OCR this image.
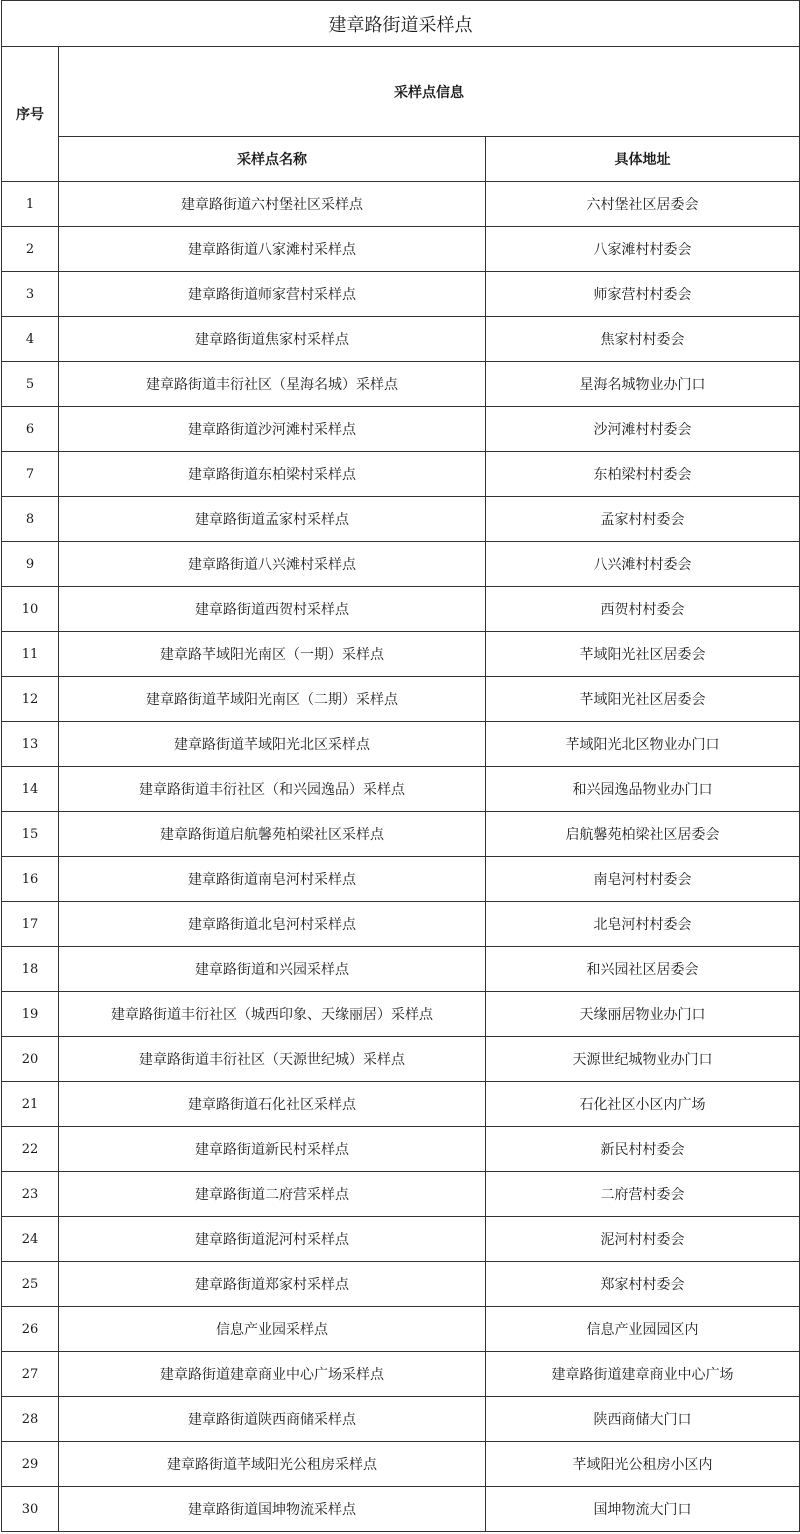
建章路街道采样点		
序号	采样点信息	
	采样点名称	具体地址
1	建章路街道六村堡社区采样点	六村堡社区居委会
2	建章路街道八家滩村采样点	八家滩村村委会
3	建章路街道师家营村采样点	师家营村村委会
4	建章路街道焦家村采样点	焦家村村委会
5	建章路街道丰衍社区（星海名城）采样点	星海名城物业办门口
6	建章路街道沙河滩村采样点	沙河滩村村委会
7	建章路街道东柏梁村采样点	东柏梁村村委会
8	建章路街道孟家村采样点	孟家村村委会
9	建章路街道八兴滩村采样点	八兴滩村村委会
10	建章路街道西贺村采样点	西贺村村委会
11	建章路芊域阳光南区（一期）采样点	芊域阳光社区居委会
12	建章路街道芊域阳光南区（二期）采样点	芊域阳光社区居委会
13	建章路街道芊域阳光北区采样点	芊域阳光北区物业办门口
14	建章路街道丰衍社区（和兴园逸品）采样点	和兴园逸品物业办门口
15	建章路街道启航馨苑柏梁社区采样点	启航馨苑柏梁社区居委会
16	建章路街道南皂河村采样点	南皂河村村委会
17	建章路街道北皂河村采样点	北皂河村村委会
18	建章路街道和兴园采样点	和兴园社区居委会
19	建章路街道丰衍社区（城西印象、天缘丽居）采样点	天缘丽居物业办门口
20	建章路街道丰衍社区（天源世纪城）采样点	天源世纪城物业办门口
21	建章路街道石化社区采样点	石化社区小区内广场
22	建章路街道新民村采样点	新民村村委会
23	建章路街道二府营采样点	二府营村委会
24	建章路街道泥河村采样点	泥河村村委会
25	建章路街道郑家村采样点	郑家村村委会
26	信息产业园采样点	信息产业园园区内
27	建章路街道建章商业中心广场采样点	建章路街道建章商业中心广场
28	建章路街道陕西商储采样点	陕西商储大门口
29	建章路街道芊域阳光公租房采样点	芊域阳光公租房小区内
30	建章路街道国坤物流采样点	国坤物流大门口
